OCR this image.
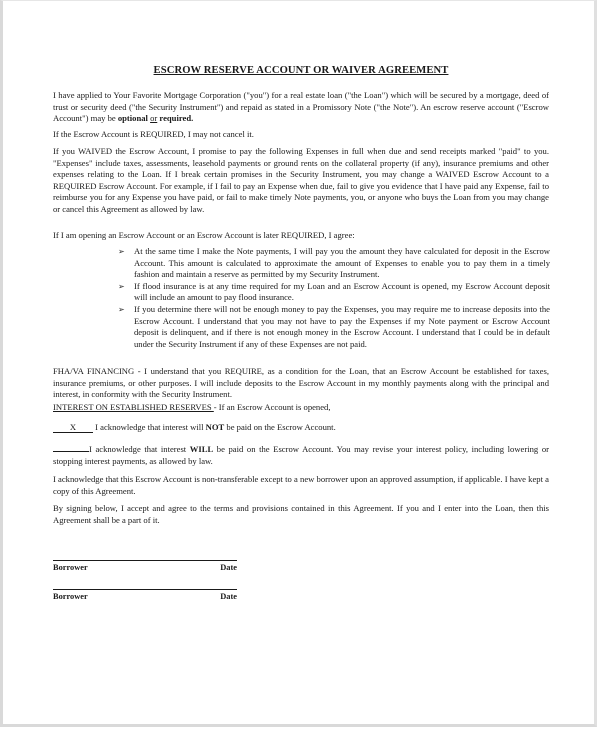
ESCROW RESERVE ACCOUNT OR WAIVER AGREEMENT

I have applied to Your Favorite Mortgage Corporation ("you") for a real estate loan ("the Loan") which will be secured by a mortgage, deed of trust or security deed ("the Security Instrument") and repaid as stated in a Promissory Note ("the Note"). An escrow reserve account ("Escrow Account") may be optional or required.

If the Escrow Account is REQUIRED, I may not cancel it.

If you WAIVED the Escrow Account, I promise to pay the following Expenses in full when due and send receipts marked "paid" to you. "Expenses" include taxes, assessments, leasehold payments or ground rents on the collateral property (if any), insurance premiums and other expenses relating to the Loan. If I break certain promises in the Security Instrument, you may change a WAIVED Escrow Account to a REQUIRED Escrow Account. For example, if I fail to pay an Expense when due, fail to give you evidence that I have paid any Expense, fail to reimburse you for any Expense you have paid, or fail to make timely Note payments, you, or anyone who buys the Loan from you may change or cancel this Agreement as allowed by law.

If I am opening an Escrow Account or an Escrow Account is later REQUIRED, I agree:

➢ At the same time I make the Note payments, I will pay you the amount they have calculated for deposit in the Escrow Account. This amount is calculated to approximate the amount of Expenses to enable you to pay them in a timely fashion and maintain a reserve as permitted by my Security Instrument.
➢ If flood insurance is at any time required for my Loan and an Escrow Account is opened, my Escrow Account deposit will include an amount to pay flood insurance.
➢ If you determine there will not be enough money to pay the Expenses, you may require me to increase deposits into the Escrow Account. I understand that you may not have to pay the Expenses if my Note payment or Escrow Account deposit is delinquent, and if there is not enough money in the Escrow Account. I understand that I could be in default under the Security Instrument if any of these Expenses are not paid.

FHA/VA FINANCING - I understand that you REQUIRE, as a condition for the Loan, that an Escrow Account be established for taxes, insurance premiums, or other purposes. I will include deposits to the Escrow Account in my monthly payments along with the principal and interest, in conformity with the Security Instrument.

INTEREST ON ESTABLISHED RESERVES - If an Escrow Account is opened,

X I acknowledge that interest will NOT be paid on the Escrow Account.

I acknowledge that interest WILL be paid on the Escrow Account. You may revise your interest policy, including lowering or stopping interest payments, as allowed by law.

I acknowledge that this Escrow Account is non-transferable except to a new borrower upon an approved assumption, if applicable. I have kept a copy of this Agreement.

By signing below, I accept and agree to the terms and provisions contained in this Agreement. If you and I enter into the Loan, then this Agreement shall be a part of it.

Borrower	Date
Borrower	Date
